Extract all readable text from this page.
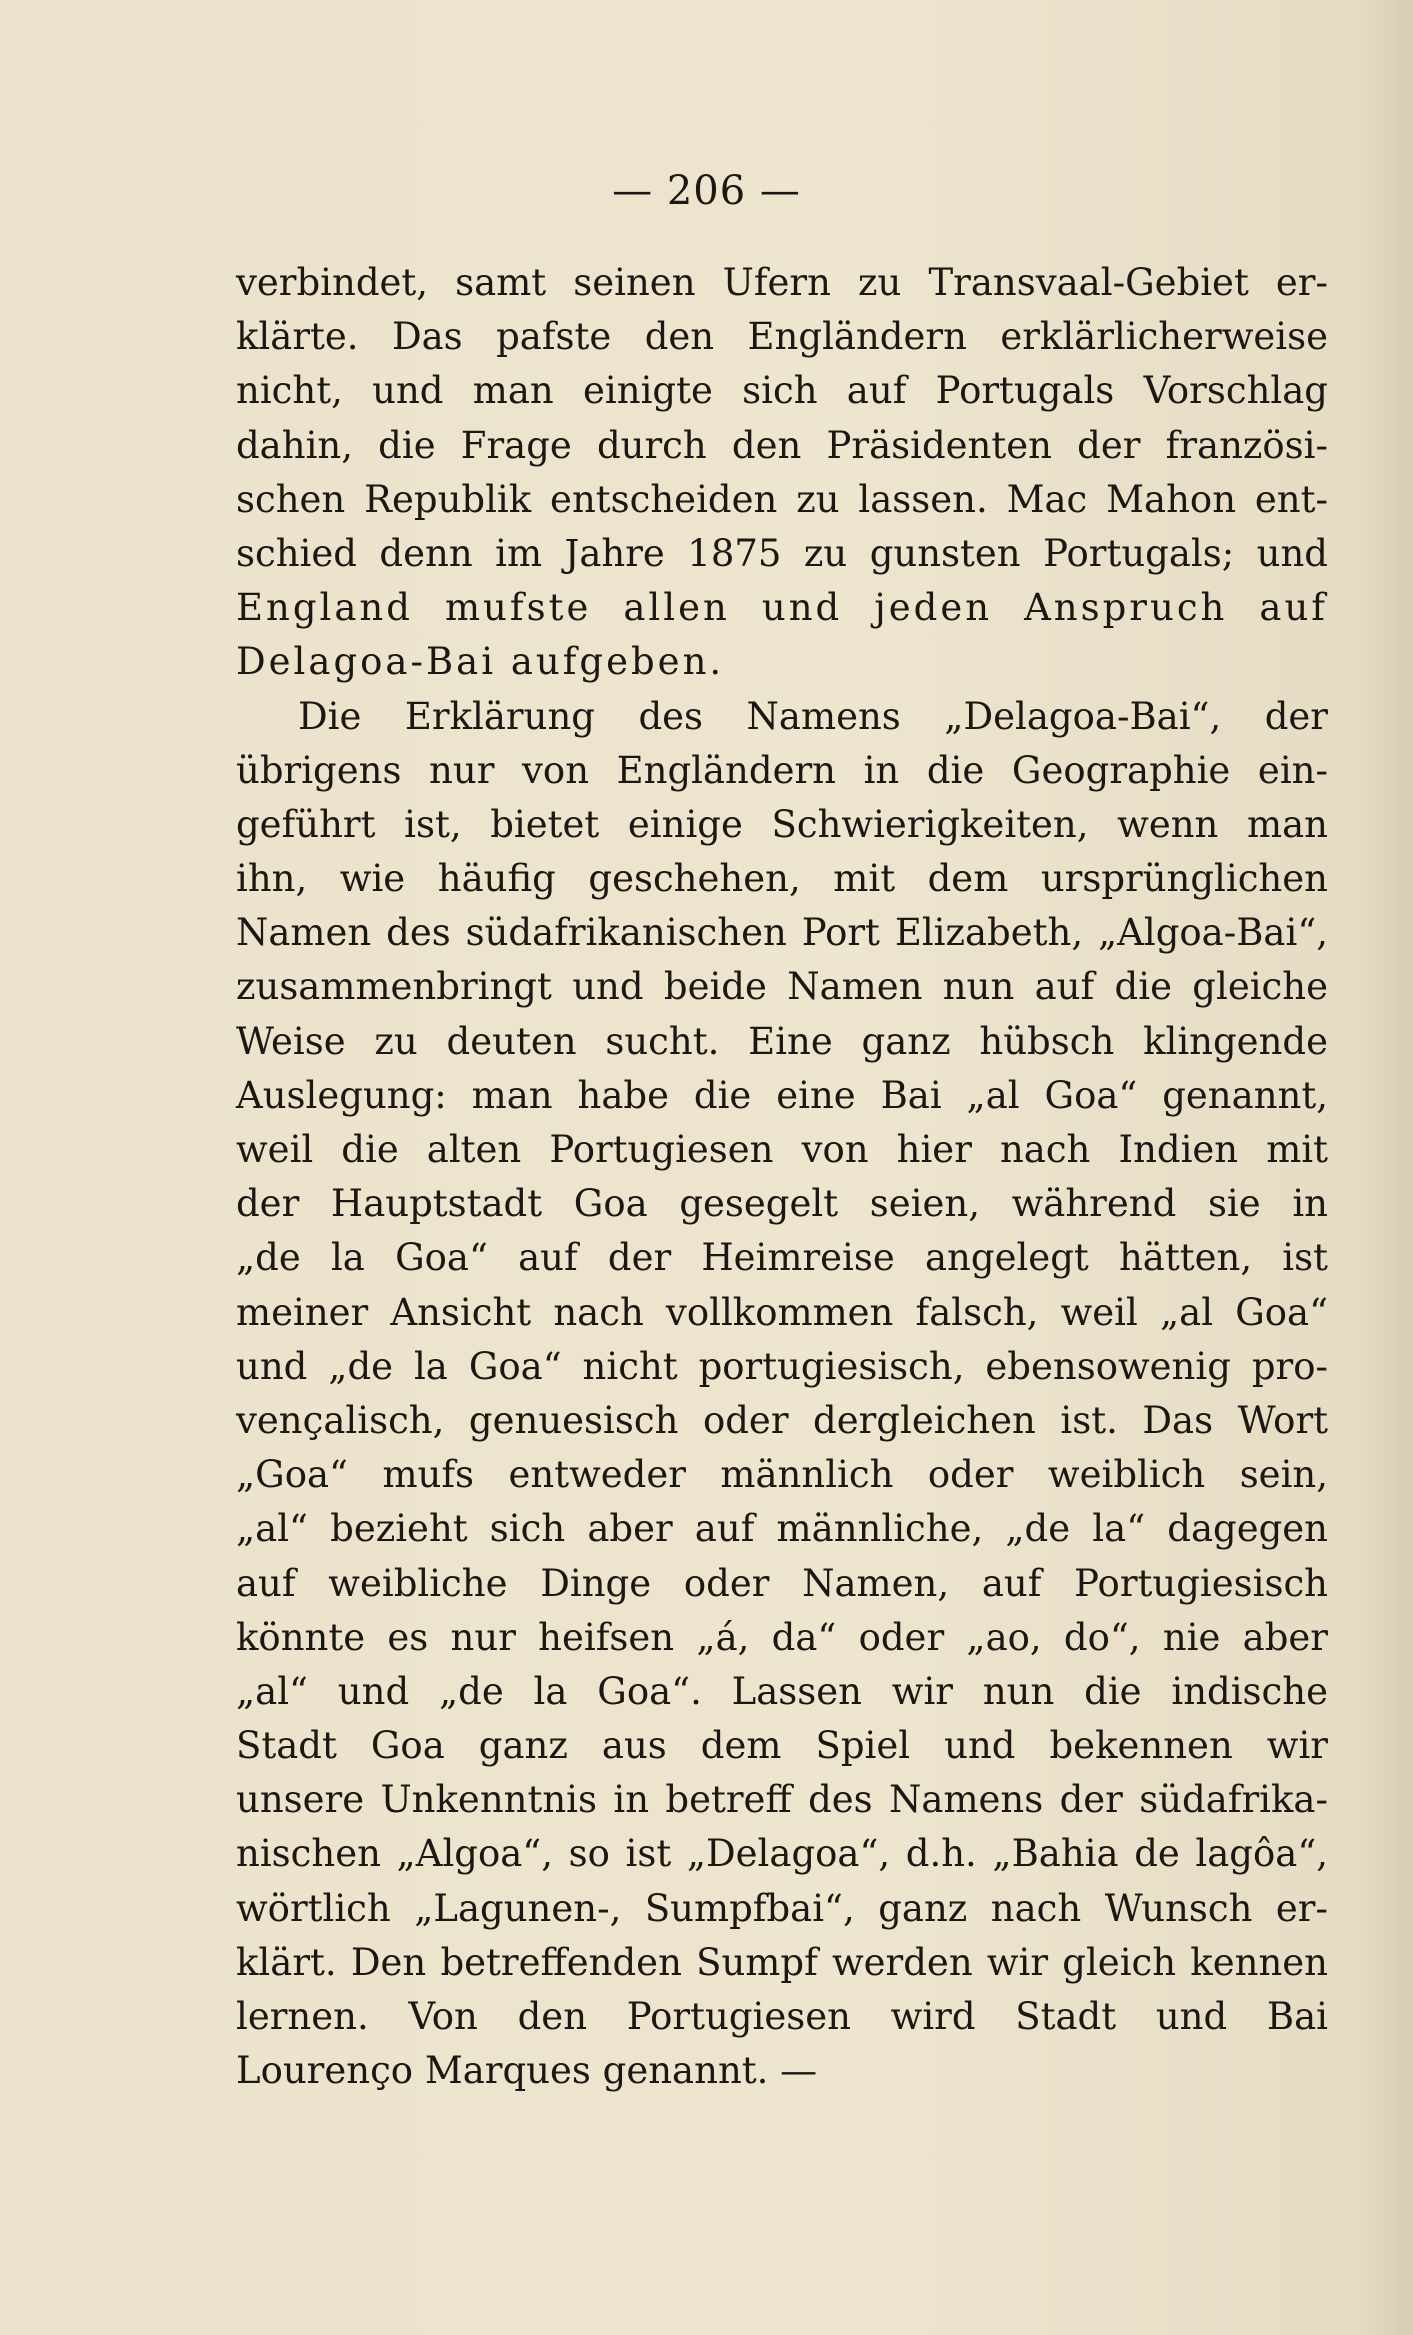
— 206 —
verbindet, samt seinen Ufern zu Transvaal-Gebiet er-
klärte. Das pafste den Engländern erklärlicherweise
nicht, und man einigte sich auf Portugals Vorschlag
dahin, die Frage durch den Präsidenten der französi-
schen Republik entscheiden zu lassen. Mac Mahon ent-
schied denn im Jahre 1875 zu gunsten Portugals; und
England mufste allen und jeden Anspruch auf
Delagoa-Bai aufgeben.
Die Erklärung des Namens „Delagoa-Bai“, der
übrigens nur von Engländern in die Geographie ein-
geführt ist, bietet einige Schwierigkeiten, wenn man
ihn, wie häufig geschehen, mit dem ursprünglichen
Namen des südafrikanischen Port Elizabeth, „Algoa-Bai“,
zusammenbringt und beide Namen nun auf die gleiche
Weise zu deuten sucht. Eine ganz hübsch klingende
Auslegung: man habe die eine Bai „al Goa“ genannt,
weil die alten Portugiesen von hier nach Indien mit
der Hauptstadt Goa gesegelt seien, während sie in
„de la Goa“ auf der Heimreise angelegt hätten, ist
meiner Ansicht nach vollkommen falsch, weil „al Goa“
und „de la Goa“ nicht portugiesisch, ebensowenig pro-
vençalisch, genuesisch oder dergleichen ist. Das Wort
„Goa“ mufs entweder männlich oder weiblich sein,
„al“ bezieht sich aber auf männliche, „de la“ dagegen
auf weibliche Dinge oder Namen, auf Portugiesisch
könnte es nur heifsen „á, da“ oder „ao, do“, nie aber
„al“ und „de la Goa“. Lassen wir nun die indische
Stadt Goa ganz aus dem Spiel und bekennen wir
unsere Unkenntnis in betreff des Namens der südafrika-
nischen „Algoa“, so ist „Delagoa“, d.h. „Bahia de lagôa“,
wörtlich „Lagunen-, Sumpfbai“, ganz nach Wunsch er-
klärt. Den betreffenden Sumpf werden wir gleich kennen
lernen. Von den Portugiesen wird Stadt und Bai
Lourenço Marques genannt. —
